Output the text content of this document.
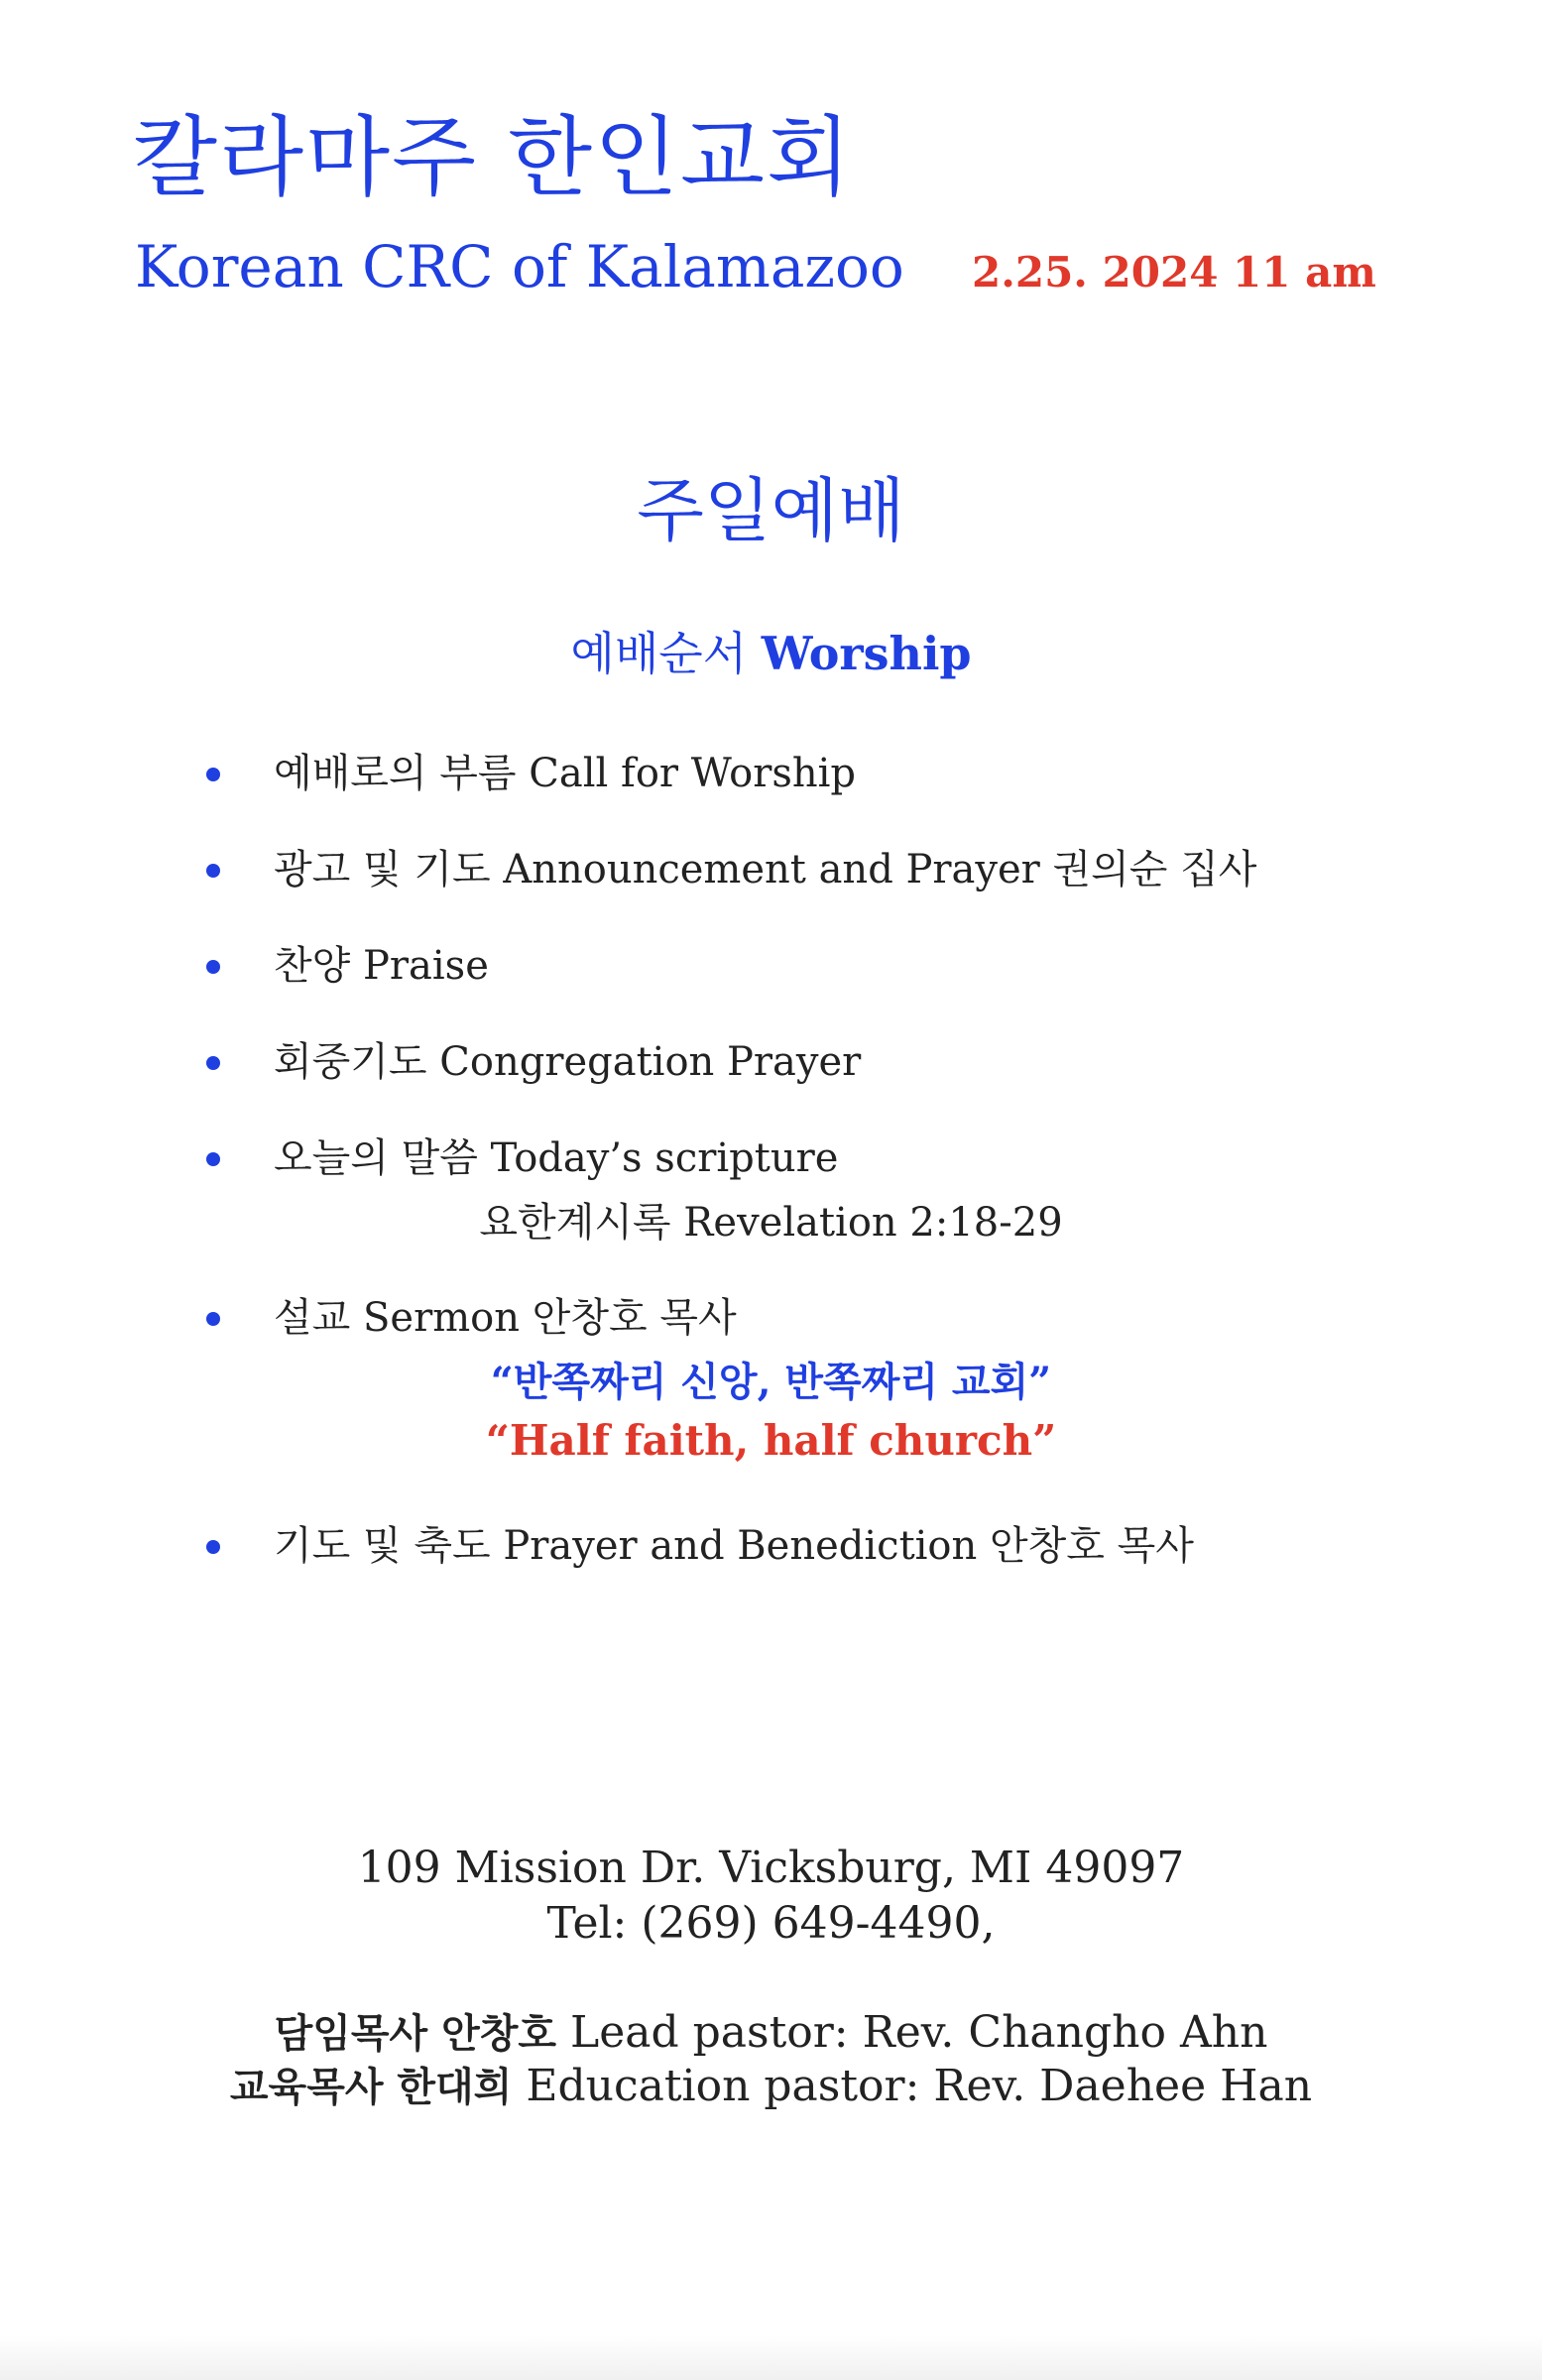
칼라마주 한인교회
Korean CRC of Kalamazoo 2.25. 2024 11 am
주일예배
예배순서 Worship
예배로의 부름 Call for Worship
광고 및 기도 Announcement and Prayer 권의순 집사
찬양 Praise
회중기도 Congregation Prayer
오늘의 말씀 Today’s scripture
요한계시록 Revelation 2:18-29
설교 Sermon 안창호 목사
“반쪽짜리 신앙, 반쪽짜리 교회”
“Half faith, half church”
기도 및 축도 Prayer and Benediction 안창호 목사
109 Mission Dr. Vicksburg, MI 49097
Tel: (269) 649-4490,
담임목사 안창호 Lead pastor: Rev. Changho Ahn
교육목사 한대희 Education pastor: Rev. Daehee Han
